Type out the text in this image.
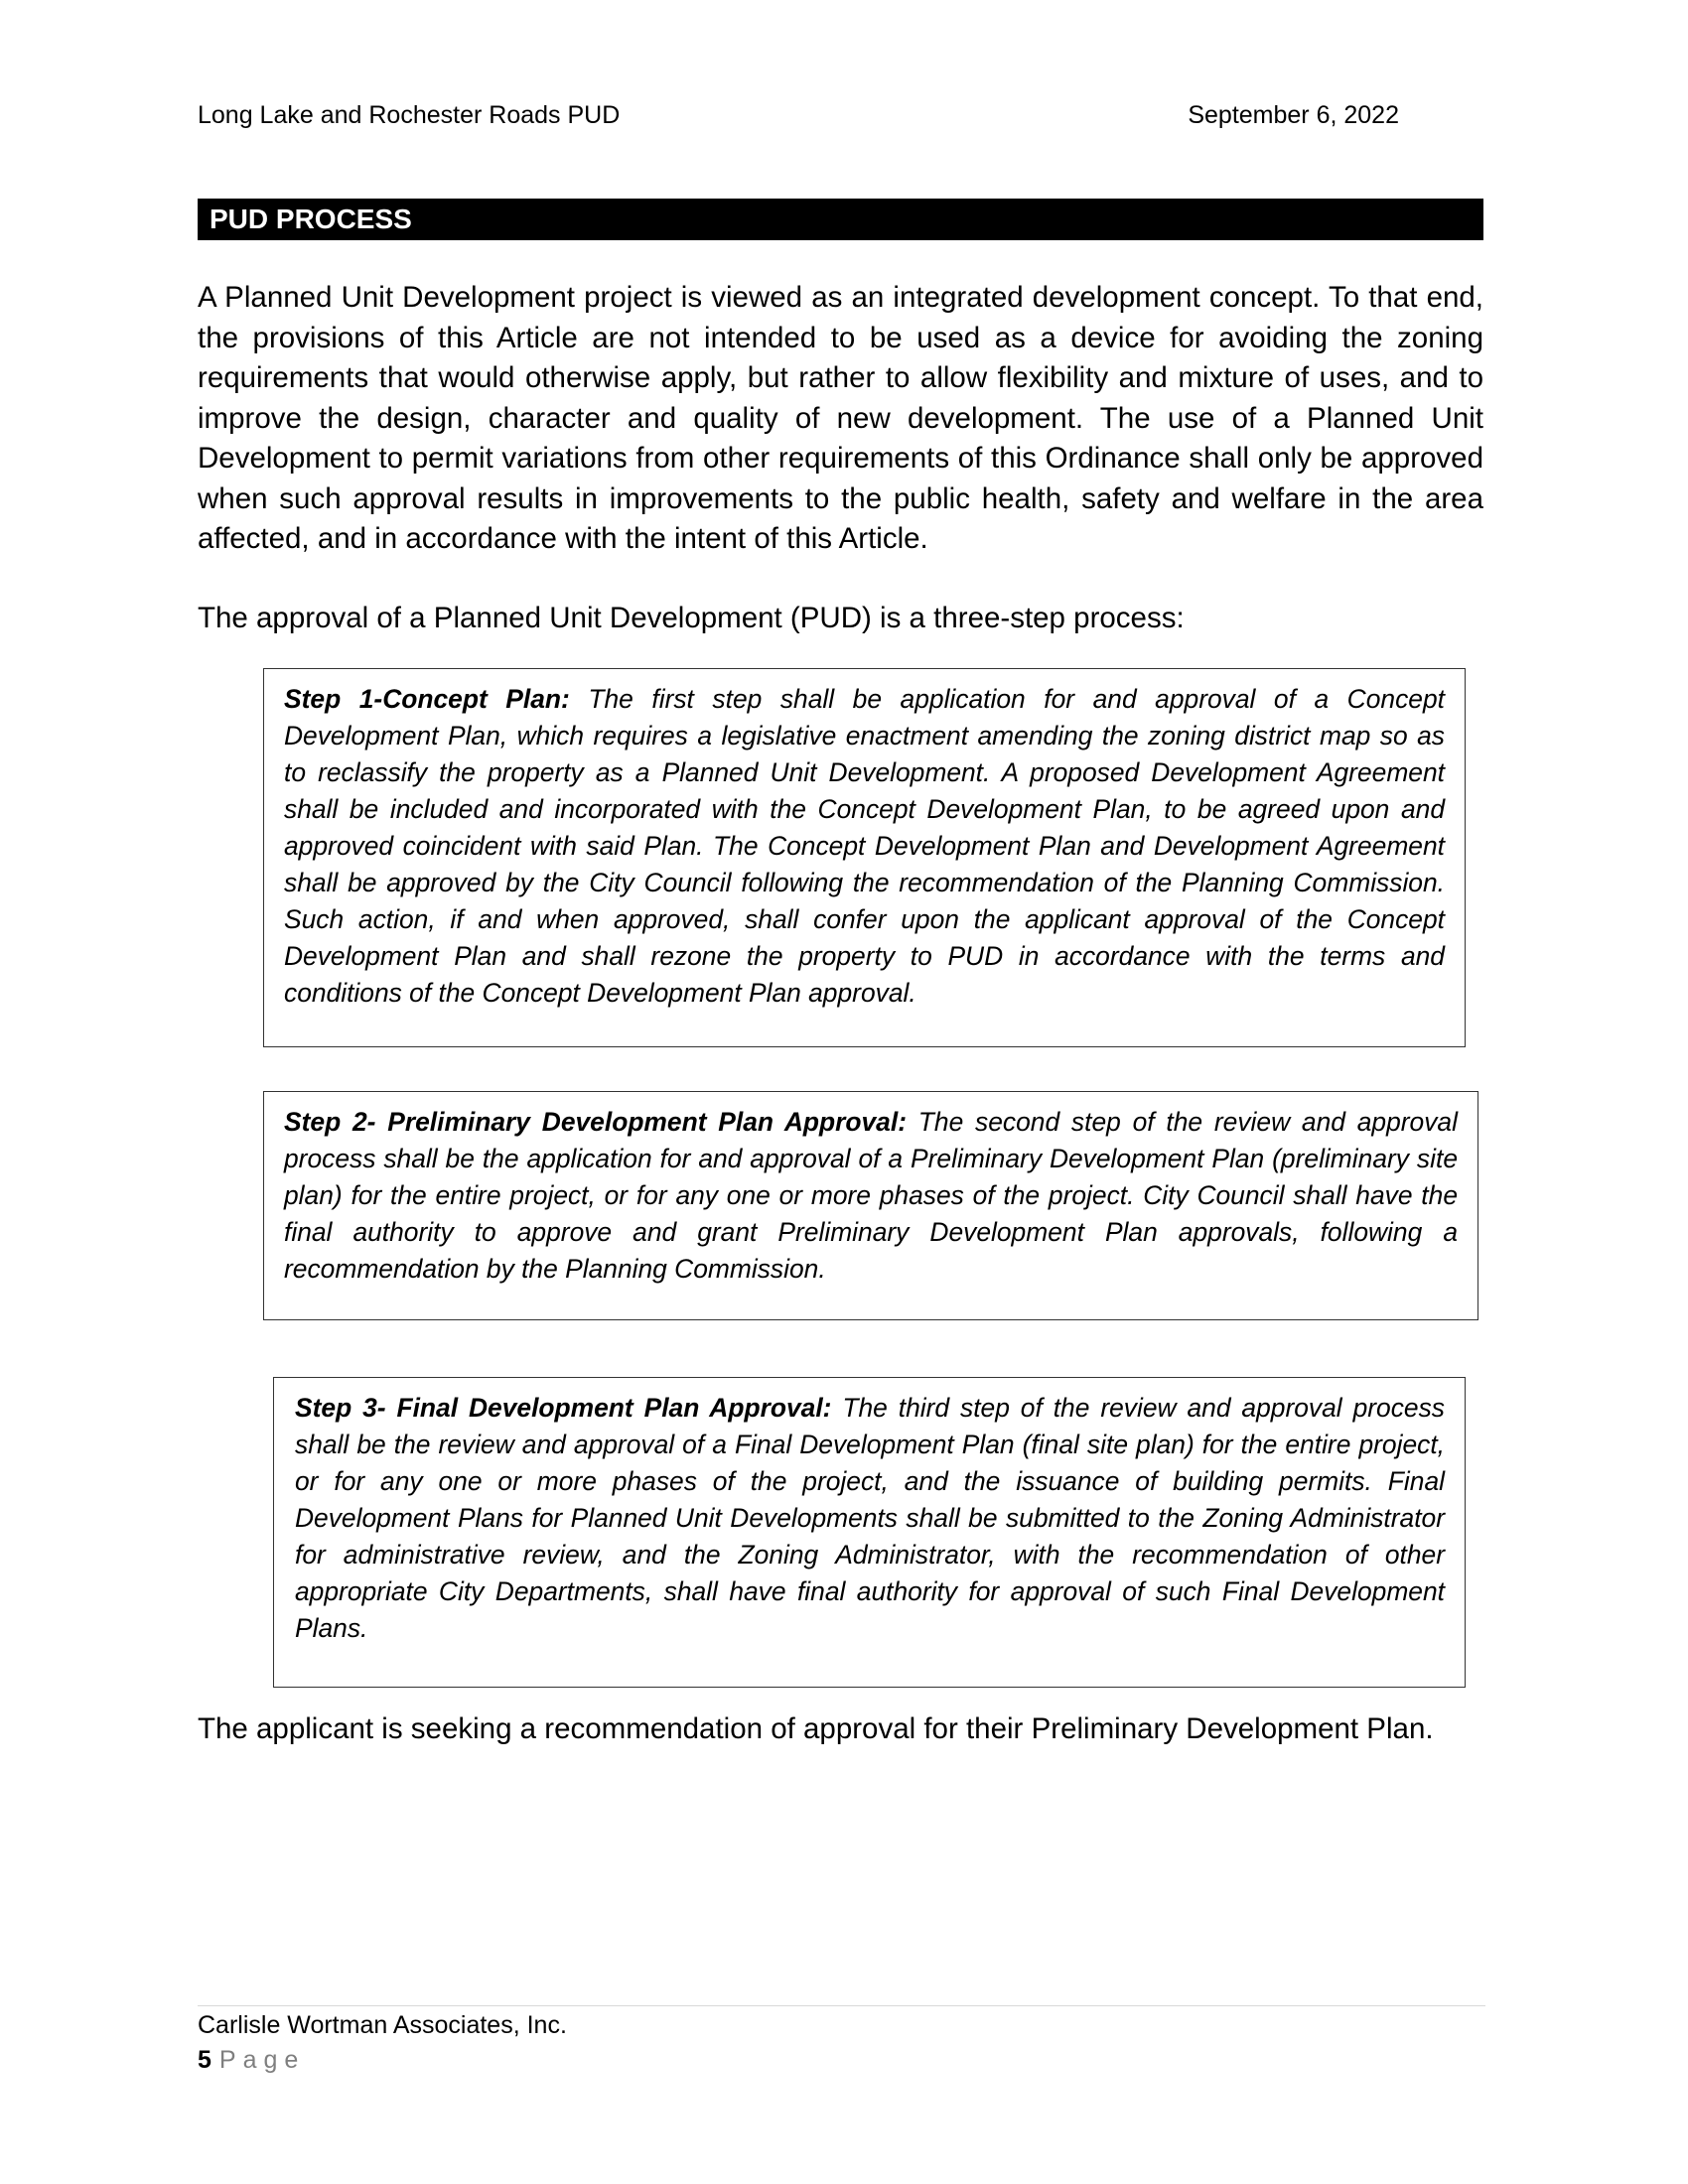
Long Lake and Rochester Roads PUD	September 6, 2022
PUD PROCESS

A Planned Unit Development project is viewed as an integrated development concept. To that end, the provisions of this Article are not intended to be used as a device for avoiding the zoning requirements that would otherwise apply, but rather to allow flexibility and mixture of uses, and to improve the design, character and quality of new development. The use of a Planned Unit Development to permit variations from other requirements of this Ordinance shall only be approved when such approval results in improvements to the public health, safety and welfare in the area affected, and in accordance with the intent of this Article.

The approval of a Planned Unit Development (PUD) is a three-step process:

Step 1-Concept Plan: The first step shall be application for and approval of a Concept Development Plan, which requires a legislative enactment amending the zoning district map so as to reclassify the property as a Planned Unit Development. A proposed Development Agreement shall be included and incorporated with the Concept Development Plan, to be agreed upon and approved coincident with said Plan. The Concept Development Plan and Development Agreement shall be approved by the City Council following the recommendation of the Planning Commission. Such action, if and when approved, shall confer upon the applicant approval of the Concept Development Plan and shall rezone the property to PUD in accordance with the terms and conditions of the Concept Development Plan approval.
Step 2- Preliminary Development Plan Approval: The second step of the review and approval process shall be the application for and approval of a Preliminary Development Plan (preliminary site plan) for the entire project, or for any one or more phases of the project. City Council shall have the final authority to approve and grant Preliminary Development Plan approvals, following a recommendation by the Planning Commission.
Step 3- Final Development Plan Approval: The third step of the review and approval process shall be the review and approval of a Final Development Plan (final site plan) for the entire project, or for any one or more phases of the project, and the issuance of building permits. Final Development Plans for Planned Unit Developments shall be submitted to the Zoning Administrator for administrative review, and the Zoning Administrator, with the recommendation of other appropriate City Departments, shall have final authority for approval of such Final Development Plans.

The applicant is seeking a recommendation of approval for their Preliminary Development Plan.

Carlisle Wortman Associates, Inc.
5 Page
